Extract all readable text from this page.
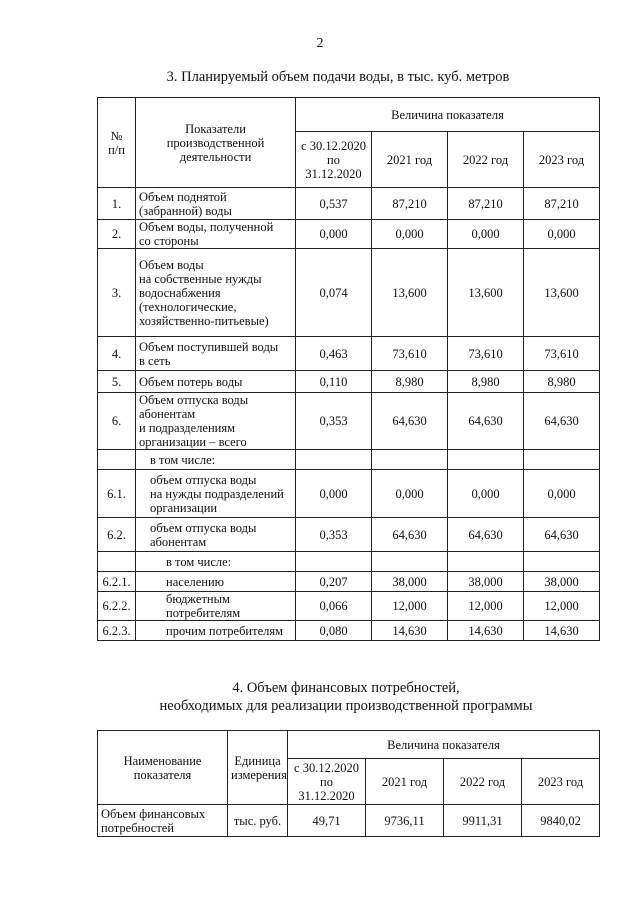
2
3. Планируемый объем подачи воды, в тыс. куб. метров
№
п/п	Показатели
производственной
деятельности	Величина показателя			
		с 30.12.2020
по
31.12.2020	2021 год	2022 год	2023 год
1.	Объем поднятой
(забранной) воды	0,537	87,210	87,210	87,210
2.	Объем воды, полученной
со стороны	0,000	0,000	0,000	0,000
3.	Объем воды
на собственные нужды
водоснабжения
(технологические,
хозяйственно-питьевые)	0,074	13,600	13,600	13,600
4.	Объем поступившей воды
в сеть	0,463	73,610	73,610	73,610
5.	Объем потерь воды	0,110	8,980	8,980	8,980
6.	Объем отпуска воды
абонентам
и подразделениям
организации – всего	0,353	64,630	64,630	64,630
	в том числе:				
6.1.	объем отпуска воды
на нужды подразделений
организации	0,000	0,000	0,000	0,000
6.2.	объем отпуска воды
абонентам	0,353	64,630	64,630	64,630
	в том числе:				
6.2.1.	населению	0,207	38,000	38,000	38,000
6.2.2.	бюджетным
потребителям	0,066	12,000	12,000	12,000
6.2.3.	прочим потребителям	0,080	14,630	14,630	14,630
4. Объем финансовых потребностей,
необходимых для реализации производственной программы
Наименование
показателя	Единица
измерения	Величина показателя			
		с 30.12.2020
по
31.12.2020	2021 год	2022 год	2023 год
Объем финансовых
потребностей	тыс. руб.	49,71	9736,11	9911,31	9840,02
